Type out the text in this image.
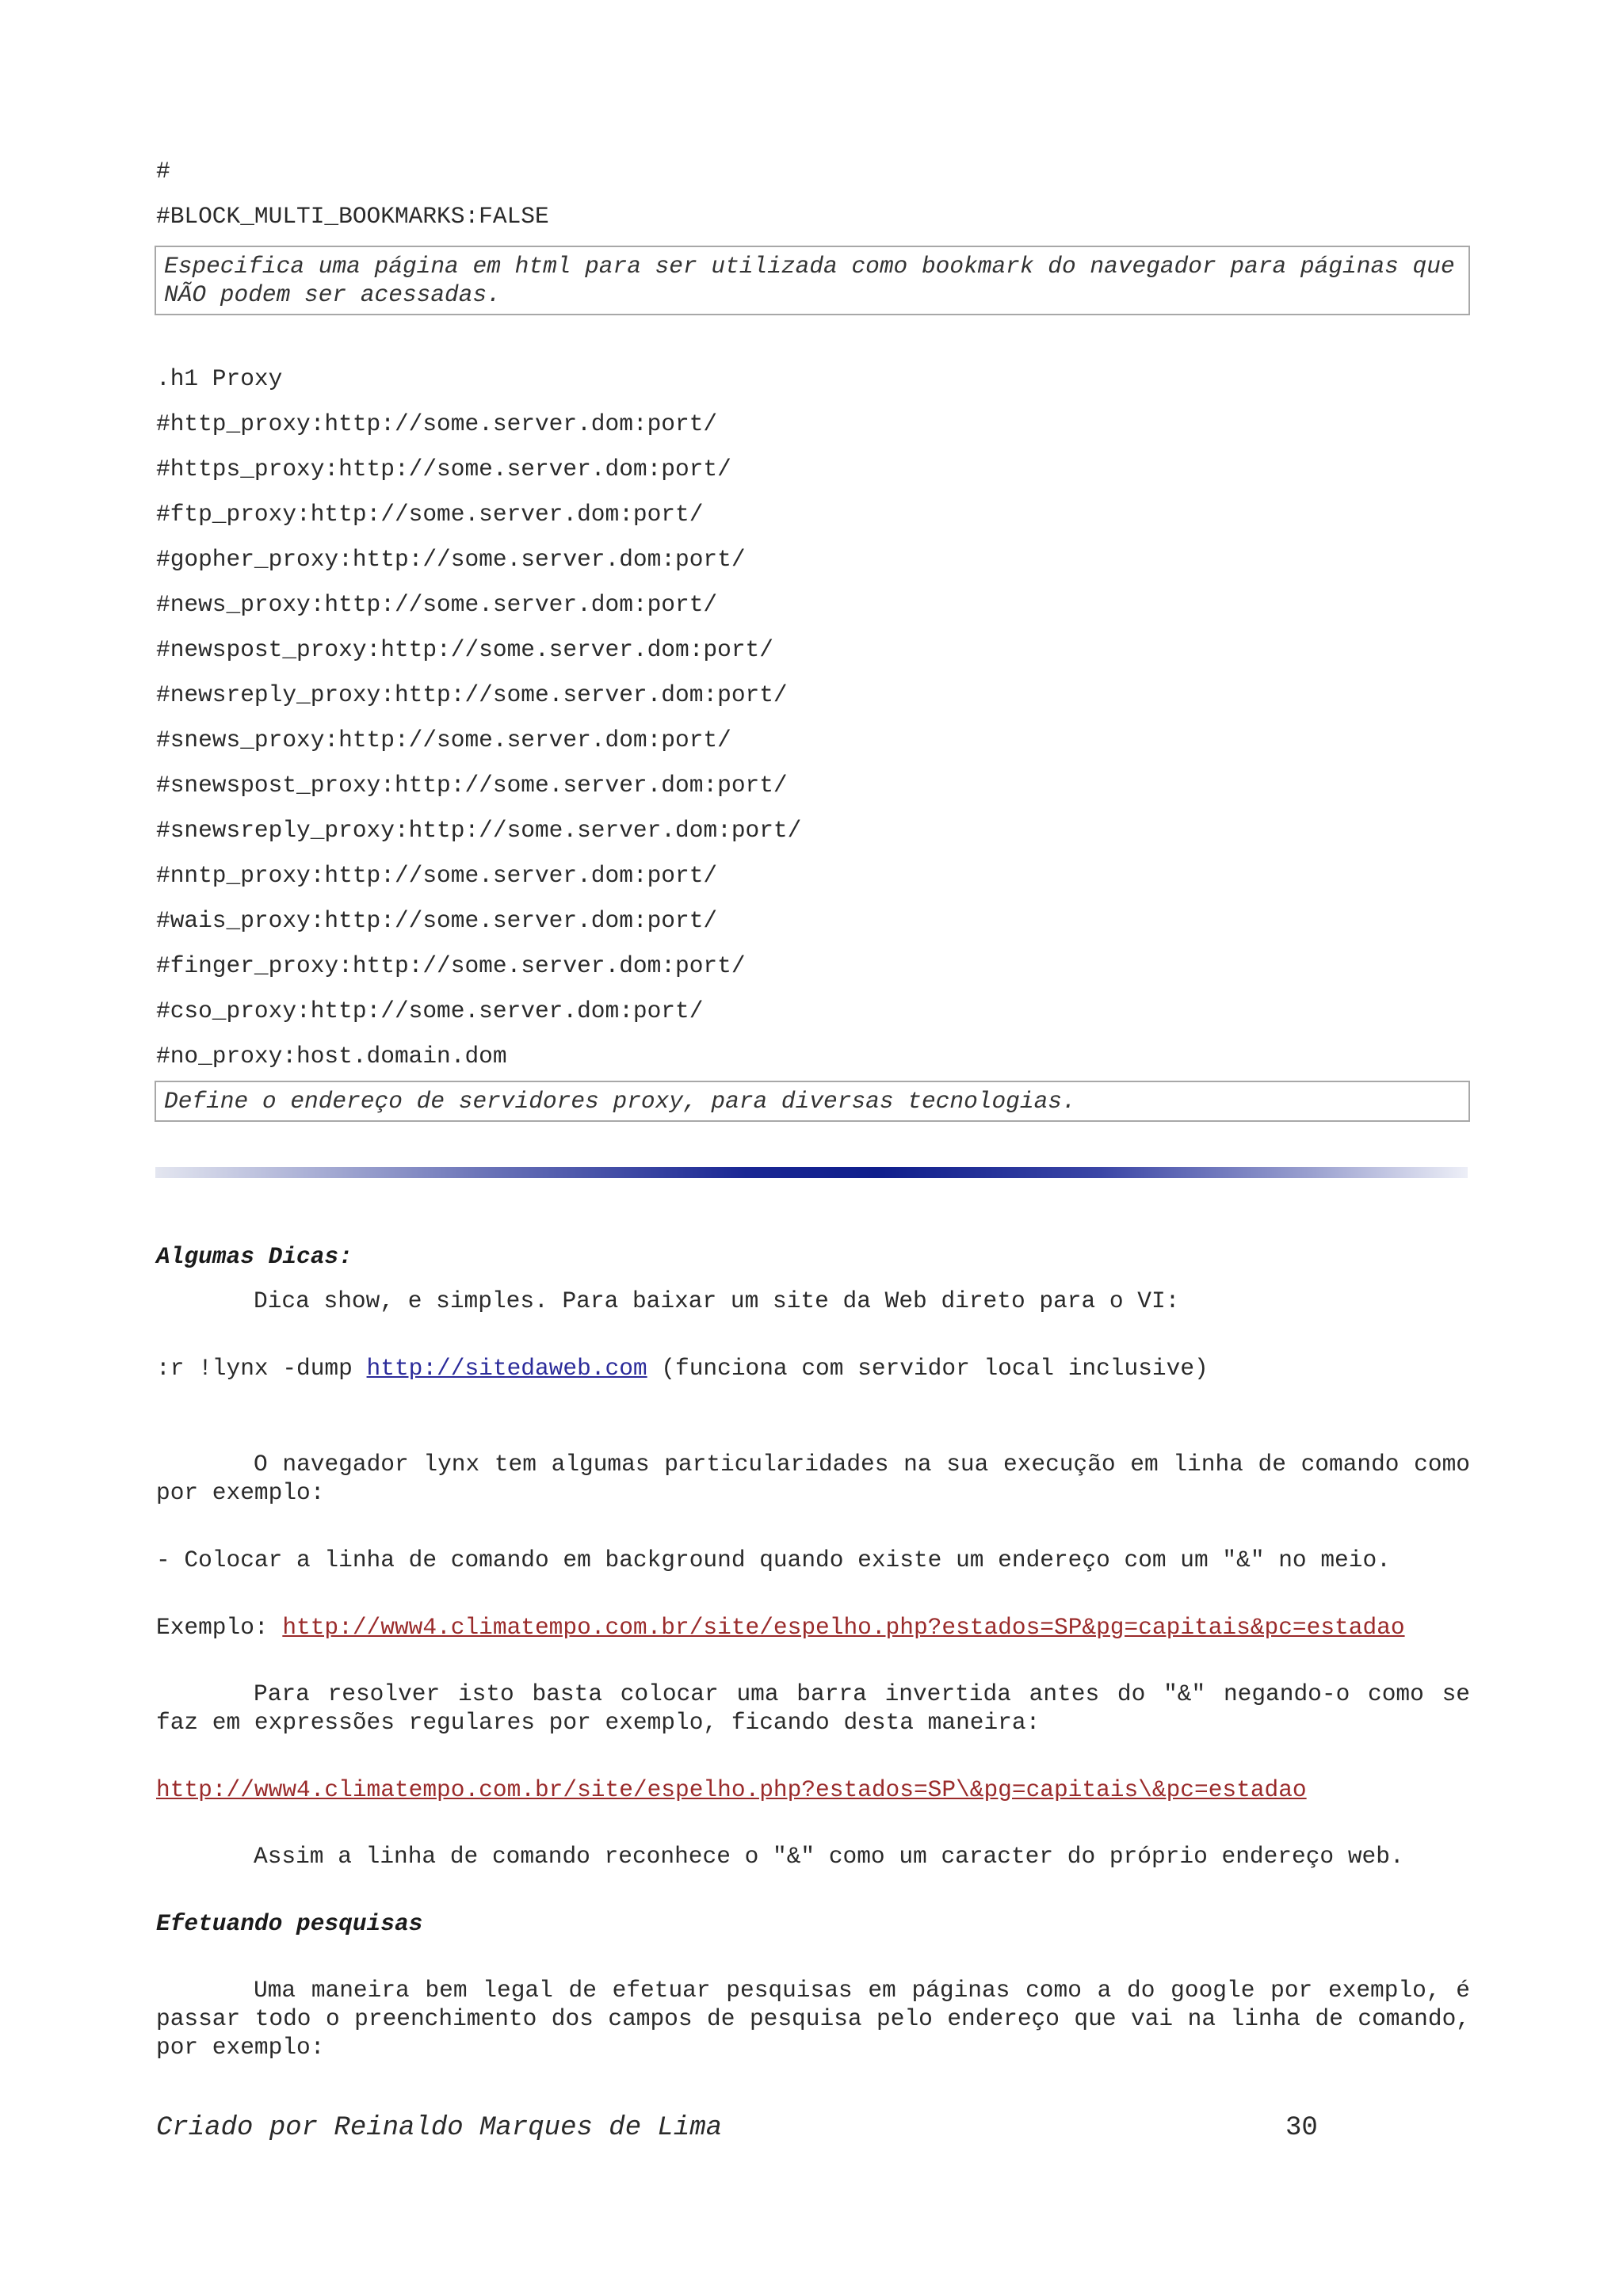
#
#BLOCK_MULTI_BOOKMARKS:FALSE
Especifica uma página em html para ser utilizada como bookmark do navegador para páginas que NÃO podem ser acessadas.
.h1 Proxy
#http_proxy:http://some.server.dom:port/
#https_proxy:http://some.server.dom:port/
#ftp_proxy:http://some.server.dom:port/
#gopher_proxy:http://some.server.dom:port/
#news_proxy:http://some.server.dom:port/
#newspost_proxy:http://some.server.dom:port/
#newsreply_proxy:http://some.server.dom:port/
#snews_proxy:http://some.server.dom:port/
#snewspost_proxy:http://some.server.dom:port/
#snewsreply_proxy:http://some.server.dom:port/
#nntp_proxy:http://some.server.dom:port/
#wais_proxy:http://some.server.dom:port/
#finger_proxy:http://some.server.dom:port/
#cso_proxy:http://some.server.dom:port/
#no_proxy:host.domain.dom
Define o endereço de servidores proxy, para diversas tecnologias.
Algumas Dicas:
Dica show, e simples. Para baixar um site da Web direto para o VI:
:r !lynx -dump http://sitedaweb.com (funciona com servidor local inclusive)
O navegador lynx tem algumas particularidades na sua execução em linha de comando como por exemplo:
- Colocar a linha de comando em background quando existe um endereço com um "&" no meio.
Exemplo: http://www4.climatempo.com.br/site/espelho.php?estados=SP&pg=capitais&pc=estadao
Para resolver isto basta colocar uma barra invertida antes do "&" negando-o como se faz em expressões regulares por exemplo, ficando desta maneira:
http://www4.climatempo.com.br/site/espelho.php?estados=SP\&pg=capitais\&pc=estadao
Assim a linha de comando reconhece o "&" como um caracter do próprio endereço web.
Efetuando pesquisas
Uma maneira bem legal de efetuar pesquisas em páginas como a do google por exemplo, é passar todo o preenchimento dos campos de pesquisa pelo endereço que vai na linha de comando, por exemplo:
Criado por Reinaldo Marques de Lima	30
